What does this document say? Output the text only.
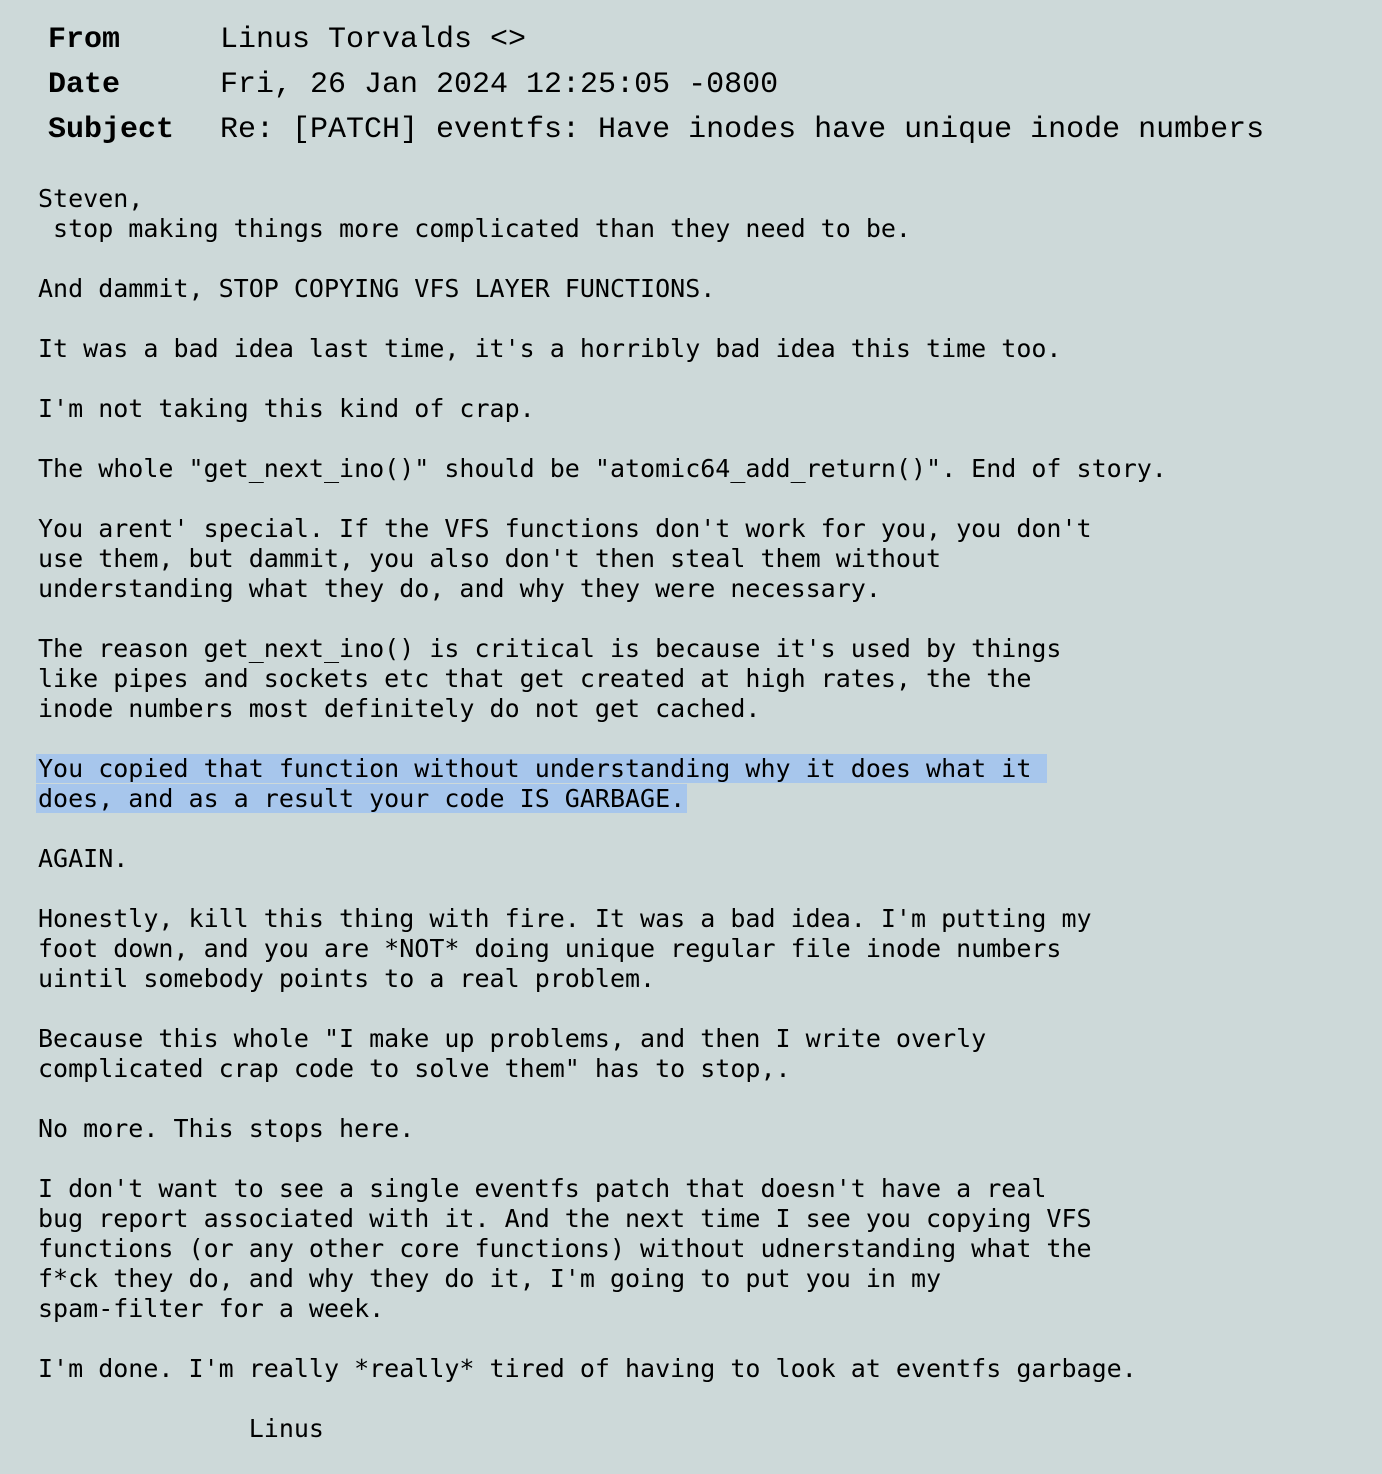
From	Linus Torvalds <>
Date	Fri, 26 Jan 2024 12:25:05 -0800
Subject	Re: [PATCH] eventfs: Have inodes have unique inode numbers
Steven,
stop making things more complicated than they need to be.
And dammit, STOP COPYING VFS LAYER FUNCTIONS.
It was a bad idea last time, it's a horribly bad idea this time too.
I'm not taking this kind of crap.
The whole "get_next_ino()" should be "atomic64_add_return()". End of story.
You arent' special. If the VFS functions don't work for you, you don't
use them, but dammit, you also don't then steal them without
understanding what they do, and why they were necessary.
The reason get_next_ino() is critical is because it's used by things
like pipes and sockets etc that get created at high rates, the the
inode numbers most definitely do not get cached.
You copied that function without understanding why it does what it
does, and as a result your code IS GARBAGE.
AGAIN.
Honestly, kill this thing with fire. It was a bad idea. I'm putting my
foot down, and you are *NOT* doing unique regular file inode numbers
uintil somebody points to a real problem.
Because this whole "I make up problems, and then I write overly
complicated crap code to solve them" has to stop,.
No more. This stops here.
I don't want to see a single eventfs patch that doesn't have a real
bug report associated with it. And the next time I see you copying VFS
functions (or any other core functions) without udnerstanding what the
f*ck they do, and why they do it, I'm going to put you in my
spam-filter for a week.
I'm done. I'm really *really* tired of having to look at eventfs garbage.
Linus
